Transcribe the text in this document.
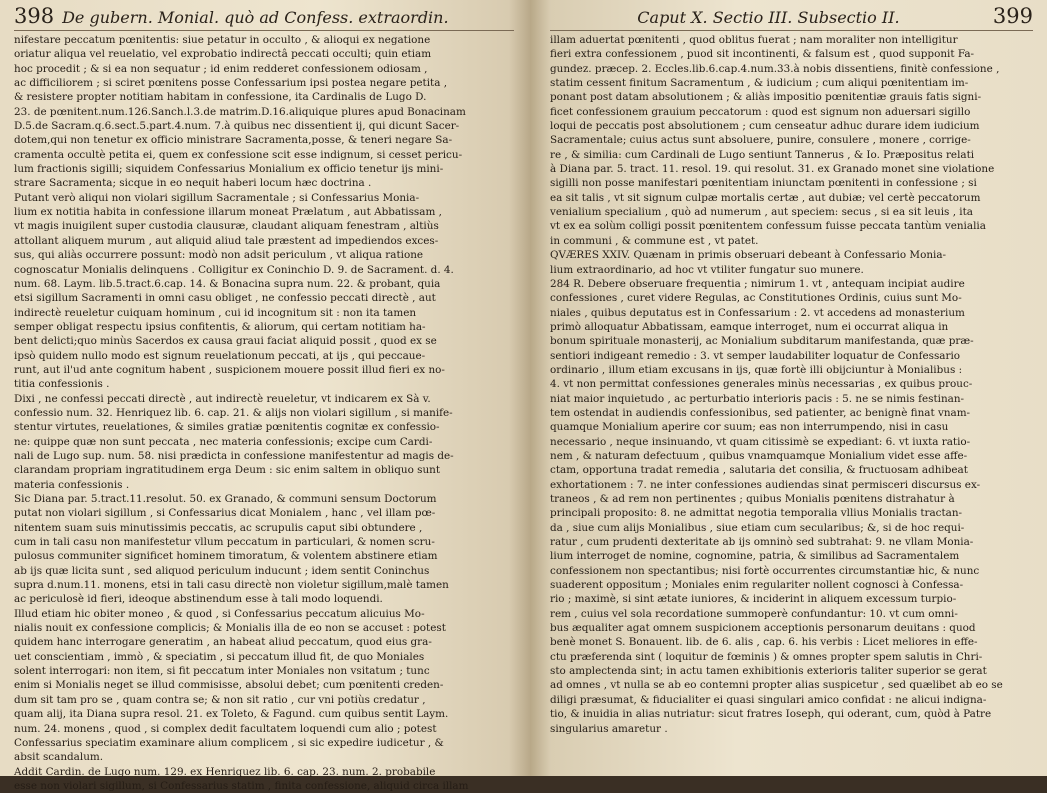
398 De gubern. Monial. quò ad Confess. extraordin.
nifestare peccatum pœnitentis: siue petatur in occulto , & alioqui ex negatione
oriatur aliqua vel reuelatio, vel exprobatio indirectâ peccati occulti; quin etiam
hoc procedit ; & si ea non sequatur ; id enim redderet confessionem odiosam ,
ac difficiliorem ; si sciret pœnitens posse Confessarium ipsi postea negare petita ,
& resistere propter notitiam habitam in confessione, ita Cardinalis de Lugo D.
23. de pœnitent.num.126.Sanch.l.3.de matrim.D.16.aliquique plures apud Bonacinam
D.5.de Sacram.q.6.sect.5.part.4.num. 7.à quibus nec dissentient ij, qui dicunt Sacer-
dotem,qui non tenetur ex officio ministrare Sacramenta,posse, & teneri negare Sa-
cramenta occultè petita ei, quem ex confessione scit esse indignum, si cesset pericu-
lum fractionis sigilli; siquidem Confessarius Monialium ex officio tenetur ijs mini-
strare Sacramenta; sicque in eo nequit haberi locum hæc doctrina .
Putant verò aliqui non violari sigillum Sacramentale ; si Confessarius Monia-
lium ex notitia habita in confessione illarum moneat Prælatum , aut Abbatissam ,
vt magis inuigilent super custodia clausuræ, claudant aliquam fenestram , altiùs
attollant aliquem murum , aut aliquid aliud tale præstent ad impediendos exces-
sus, qui aliàs occurrere possunt: modò non adsit periculum , vt aliqua ratione
cognoscatur Monialis delinquens . Colligitur ex Coninchio D. 9. de Sacrament. d. 4.
num. 68. Laym. lib.5.tract.6.cap. 14. & Bonacina supra num. 22. & probant, quia
etsi sigillum Sacramenti in omni casu obliget , ne confessio peccati directè , aut
indirectè reueletur cuiquam hominum , cui id incognitum sit : non ita tamen
semper obligat respectu ipsius confitentis, & aliorum, qui certam notitiam ha-
bent delicti;quo minùs Sacerdos ex causa graui faciat aliquid possit , quod ex se
ipsò quidem nullo modo est signum reuelationum peccati, at ijs , qui peccaue-
runt, aut il'ud ante cognitum habent , suspicionem mouere possit illud fieri ex no-
titia confessionis .
Dixi , ne confessi peccati directè , aut indirectè reueletur, vt indicarem ex Sà v.
confessio num. 32. Henriquez lib. 6. cap. 21. & alijs non violari sigillum , si manife-
stentur virtutes, reuelationes, & similes gratiæ pœnitentis cognitæ ex confessio-
ne: quippe quæ non sunt peccata , nec materia confessionis; excipe cum Cardi-
nali de Lugo sup. num. 58. nisi prædicta in confessione manifestentur ad magis de-
clarandam propriam ingratitudinem erga Deum : sic enim saltem in obliquo sunt
materia confessionis .
Sic Diana par. 5.tract.11.resolut. 50. ex Granado, & communi sensum Doctorum
putat non violari sigillum , si Confessarius dicat Monialem , hanc , vel illam pœ-
nitentem suam suis minutissimis peccatis, ac scrupulis caput sibi obtundere ,
cum in tali casu non manifestetur vllum peccatum in particulari, & nomen scru-
pulosus communiter significet hominem timoratum, & volentem abstinere etiam
ab ijs quæ licita sunt , sed aliquod periculum inducunt ; idem sentit Coninchus
supra d.num.11. monens, etsi in tali casu directè non violetur sigillum,malè tamen
ac periculosè id fieri, ideoque abstinendum esse à tali modo loquendi.
Illud etiam hic obiter moneo , & quod , si Confessarius peccatum alicuius Mo-
nialis nouit ex confessione complicis; & Monialis illa de eo non se accuset : potest
quidem hanc interrogare generatim , an habeat aliud peccatum, quod eius gra-
uet conscientiam , immò , & speciatim , si peccatum illud fit, de quo Moniales
solent interrogari: non item, si fit peccatum inter Moniales non vsitatum ; tunc
enim si Monialis neget se illud commisisse, absolui debet; cum pœnitenti creden-
dum sit tam pro se , quam contra se; & non sit ratio , cur vni potiùs credatur ,
quam alij, ita Diana supra resol. 21. ex Toleto, & Fagund. cum quibus sentit Laym.
num. 24. monens , quod , si complex dedit facultatem loquendi cum alio ; potest
Confessarius speciatim examinare alium complicem , si sic expedire iudicetur , &
absit scandalum.
Addit Cardin. de Lugo num. 129. ex Henriquez lib. 6. cap. 23. num. 2. probabile
esse non violari sigillum, si Confessarius statim , finita confessione, aliquid circa illam
Caput X. Sectio III. Subsectio II.	399
illam aduertat pœnitenti , quod oblitus fuerat ; nam moraliter non intelligitur
fieri extra confessionem , puod sit incontinenti, & falsum est , quod supponit Fa-
gundez. præcep. 2. Eccles.lib.6.cap.4.num.33.à nobis dissentiens, finitè confessione ,
statim cessent finitum Sacramentum , & iudicium ; cum aliqui pœnitentiam im-
ponant post datam absolutionem ; & aliàs impositio pœnitentiæ grauis fatis signi-
ficet confessionem grauium peccatorum : quod est signum non aduersari sigillo
loqui de peccatis post absolutionem ; cum censeatur adhuc durare idem iudicium
Sacramentale; cuius actus sunt absoluere, punire, consulere , monere , corrige-
re , & similia: cum Cardinali de Lugo sentiunt Tannerus , & Io. Præpositus relati
à Diana par. 5. tract. 11. resol. 19. qui resolut. 31. ex Granado monet sine violatione
sigilli non posse manifestari pœnitentiam iniunctam pœnitenti in confessione ; si
ea sit talis , vt sit signum culpæ mortalis certæ , aut dubiæ; vel certè peccatorum
venialium specialium , quò ad numerum , aut speciem: secus , si ea sit leuis , ita
vt ex ea solùm colligi possit pœnitentem confessum fuisse peccata tantùm venialia
in communi , & commune est , vt patet.
QVÆRES XXIV. Quænam in primis obseruari debeant à Confessario Monia-
lium extraordinario, ad hoc vt vtiliter fungatur suo munere.
284 R. Debere obseruare frequentia ; nimirum 1. vt , antequam incipiat audire
confessiones , curet videre Regulas, ac Constitutiones Ordinis, cuius sunt Mo-
niales , quibus deputatus est in Confessarium : 2. vt accedens ad monasterium
primò alloquatur Abbatissam, eamque interroget, num ei occurrat aliqua in
bonum spirituale monasterij, ac Monialium subditarum manifestanda, quæ præ-
sentiori indigeant remedio : 3. vt semper laudabiliter loquatur de Confessario
ordinario , illum etiam excusans in ijs, quæ fortè illi obijciuntur à Monialibus :
4. vt non permittat confessiones generales minùs necessarias , ex quibus prouc-
niat maior inquietudo , ac perturbatio interioris pacis : 5. ne se nimis festinan-
tem ostendat in audiendis confessionibus, sed patienter, ac benignè finat vnam-
quamque Monialium aperire cor suum; eas non interrumpendo, nisi in casu
necessario , neque insinuando, vt quam citissimè se expediant: 6. vt iuxta ratio-
nem , & naturam defectuum , quibus vnamquamque Monialium videt esse affe-
ctam, opportuna tradat remedia , salutaria det consilia, & fructuosam adhibeat
exhortationem : 7. ne inter confessiones audiendas sinat permisceri discursus ex-
traneos , & ad rem non pertinentes ; quibus Monialis pœnitens distrahatur à
principali proposito: 8. ne admittat negotia temporalia vllius Monialis tractan-
da , siue cum alijs Monialibus , siue etiam cum secularibus; &, si de hoc requi-
ratur , cum prudenti dexteritate ab ijs omninò sed subtrahat: 9. ne vllam Monia-
lium interroget de nomine, cognomine, patria, & similibus ad Sacramentalem
confessionem non spectantibus; nisi fortè occurrentes circumstantiæ hic, & nunc
suaderent oppositum ; Moniales enim regulariter nollent cognosci à Confessa-
rio ; maximè, si sint ætate iuniores, & inciderint in aliquem excessum turpio-
rem , cuius vel sola recordatione summoperè confundantur: 10. vt cum omni-
bus æqualiter agat omnem suspicionem acceptionis personarum deuitans : quod
benè monet S. Bonauent. lib. de 6. alis , cap. 6. his verbis : Licet meliores in effe-
ctu præferenda sint ( loquitur de fœminis ) & omnes propter spem salutis in Chri-
sto amplectenda sint; in actu tamen exhibitionis exterioris taliter superior se gerat
ad omnes , vt nulla se ab eo contemni propter alias suspicetur , sed quælibet ab eo se
diligi præsumat, & fiducialiter ei quasi singulari amico confidat : ne alicui indigna-
tio, & inuidia in alias nutriatur: sicut fratres Ioseph, qui oderant, cum, quòd à Patre
singularius amaretur .
